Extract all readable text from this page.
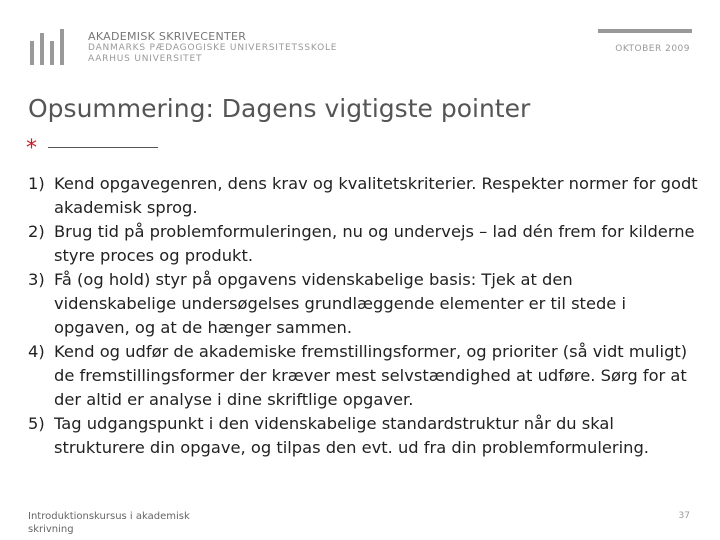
AKADEMISK SKRIVECENTER
DANMARKS PÆDAGOGISKE UNIVERSITETSSKOLE
AARHUS UNIVERSITET
OKTOBER 2009
Opsummering: Dagens vigtigste pointer
*
1) Kend opgavegenren, dens krav og kvalitetskriterier. Respekter normer for godt akademisk sprog.
2) Brug tid på problemformuleringen, nu og undervejs – lad dén frem for kilderne styre proces og produkt.
3) Få (og hold) styr på opgavens videnskabelige basis: Tjek at den videnskabelige undersøgelses grundlæggende elementer er til stede i opgaven, og at de hænger sammen.
4) Kend og udfør de akademiske fremstillingsformer, og prioriter (så vidt muligt) de fremstillingsformer der kræver mest selvstændighed at udføre. Sørg for at der altid er analyse i dine skriftlige opgaver.
5) Tag udgangspunkt i den videnskabelige standardstruktur når du skal strukturere din opgave, og tilpas den evt. ud fra din problemformulering.
Introduktionskursus i akademisk
skrivning
37
